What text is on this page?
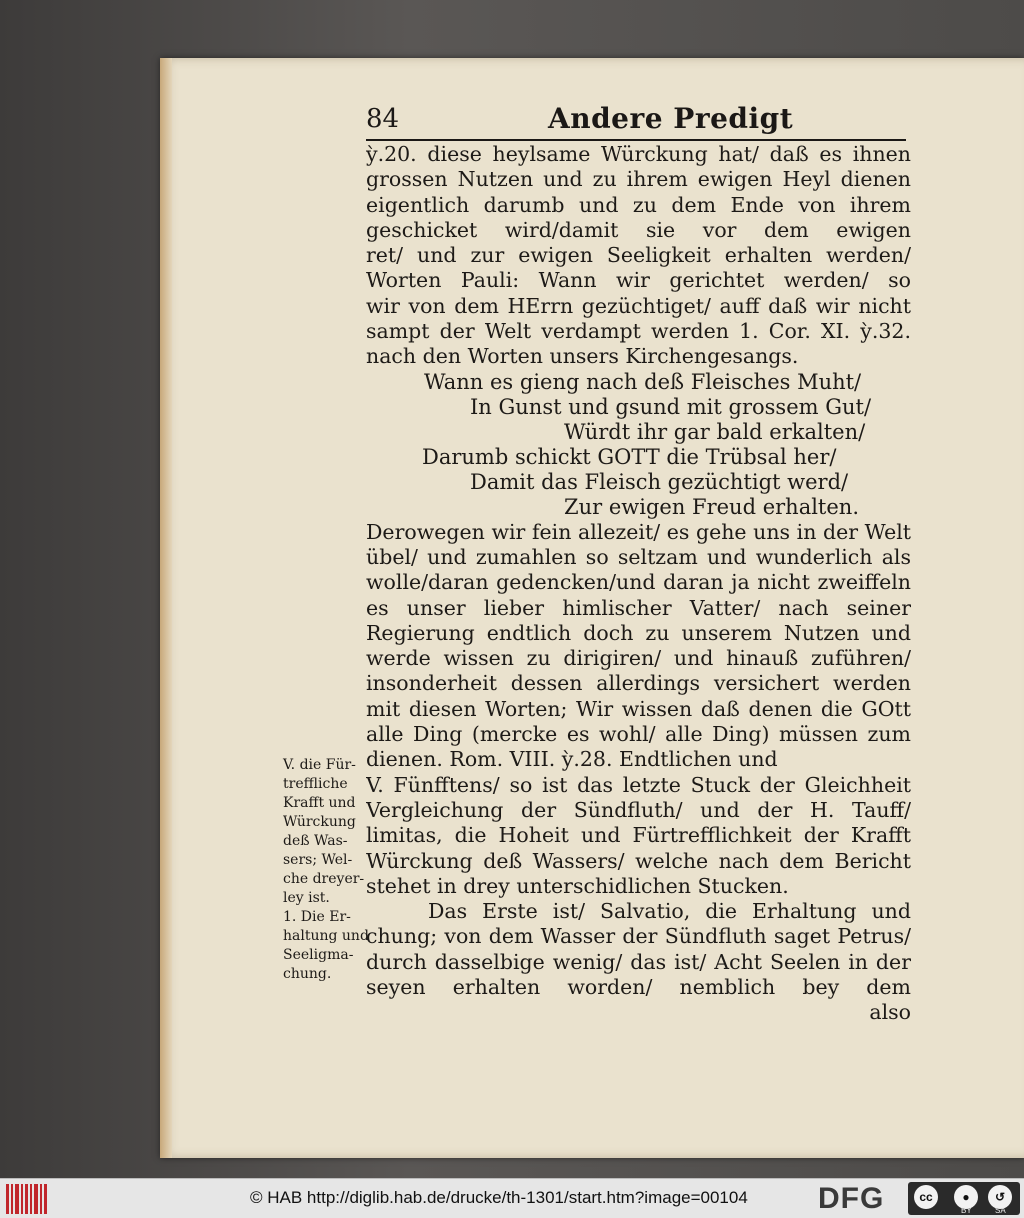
84	Andere Predigt
ỳ.20. diese heylsame Würckung hat/ daß es ihnen
grossen Nutzen und zu ihrem ewigen Heyl dienen
eigentlich darumb und zu dem Ende von ihrem
geschicket wird/damit sie vor dem ewigen
ret/ und zur ewigen Seeligkeit erhalten werden/
Worten Pauli: Wann wir gerichtet werden/ so
wir von dem HErrn gezüchtiget/ auff daß wir nicht
sampt der Welt verdampt werden 1. Cor. XI. ỳ.32.
nach den Worten unsers Kirchengesangs.
Wann es gieng nach deß Fleisches Muht/
In Gunst und gsund mit grossem Gut/
Würdt ihr gar bald erkalten/
Darumb schickt GOTT die Trübsal her/
Damit das Fleisch gezüchtigt werd/
Zur ewigen Freud erhalten.
Derowegen wir fein allezeit/ es gehe uns in der Welt
übel/ und zumahlen so seltzam und wunderlich als
wolle/daran gedencken/und daran ja nicht zweiffeln
es unser lieber himlischer Vatter/ nach seiner
Regierung endtlich doch zu unserem Nutzen und
werde wissen zu dirigiren/ und hinauß zuführen/
insonderheit dessen allerdings versichert werden
mit diesen Worten; Wir wissen daß denen die GOtt
alle Ding (mercke es wohl/ alle Ding) müssen zum
dienen. Rom. VIII. ỳ.28. Endtlichen und
V. Fünfftens/ so ist das letzte Stuck der Gleichheit
Vergleichung der Sündfluth/ und der H. Tauff/
limitas, die Hoheit und Fürtrefflichkeit der Krafft
Würckung deß Wassers/ welche nach dem Bericht
stehet in drey unterschidlichen Stucken.
Das Erste ist/ Salvatio, die Erhaltung und
chung; von dem Wasser der Sündfluth saget Petrus/
durch dasselbige wenig/ das ist/ Acht Seelen in der
seyen erhalten worden/ nemblich bey dem
also
V. die Für-
treffliche
Krafft und
Würckung
deß Was-
sers; Wel-
che dreyer-
ley ist.
1. Die Er-
haltung und
Seeligma-
chung.
© HAB http://diglib.hab.de/drucke/th-1301/start.htm?image=00104 DFG	cc	●	↺
BY	SA
